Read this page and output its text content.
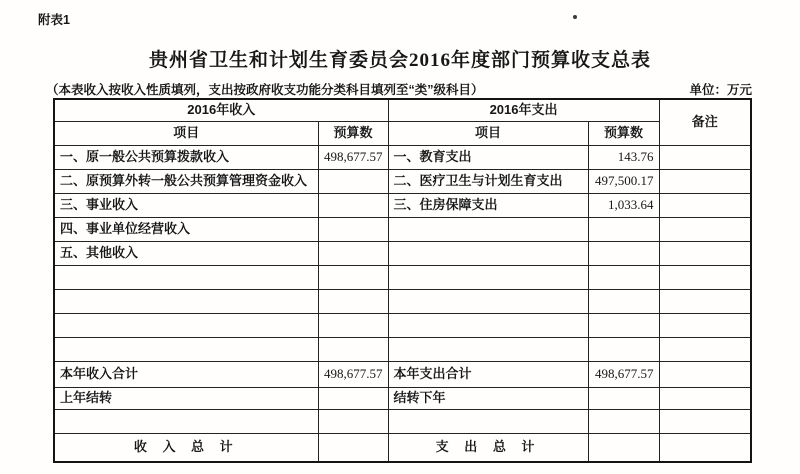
附表1
贵州省卫生和计划生育委员会2016年度部门预算收支总表
（本表收入按收入性质填列，支出按政府收支功能分类科目填列至“类”级科目）	单位：万元
2016年收入		2016年支出		备注
项目	预算数	项目	预算数	
一、原一般公共预算拨款收入	498,677.57	一、教育支出	143.76	
二、原预算外转一般公共预算管理资金收入		二、医疗卫生与计划生育支出	497,500.17	
三、事业收入		三、住房保障支出	1,033.64	
四、事业单位经营收入				
五、其他收入				

本年收入合计	498,677.57	本年支出合计	498,677.57	
上年结转		结转下年		

收 入 总 计		支 出 总 计		
